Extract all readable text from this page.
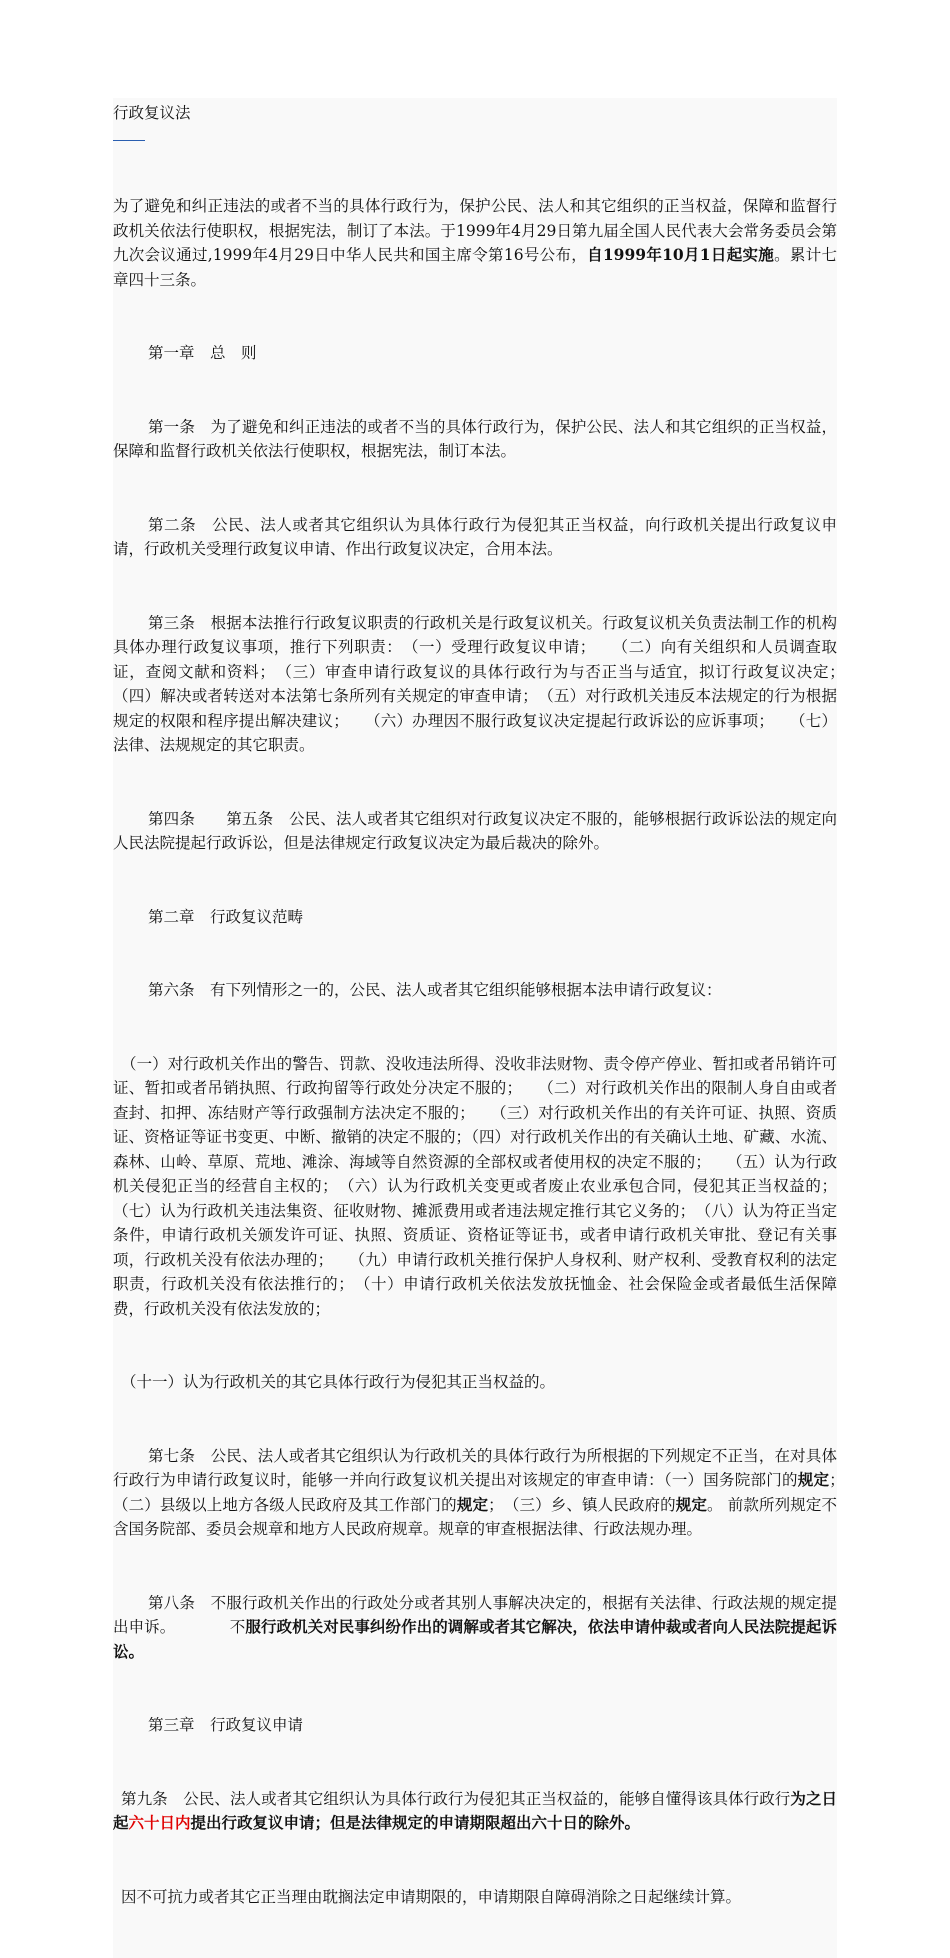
行政复议法

为了避免和纠正违法的或者不当的具体行政行为，保护公民、法人和其它组织的正当权益，保障和监督行政机关依法行使职权，根据宪法，制订了本法。于1999年4月29日第九届全国人民代表大会常务委员会第九次会议通过,1999年4月29日中华人民共和国主席令第16号公布，自1999年10月1日起实施。累计七章四十三条。

第一章　总　则

第一条　为了避免和纠正违法的或者不当的具体行政行为，保护公民、法人和其它组织的正当权益，保障和监督行政机关依法行使职权，根据宪法，制订本法。

第二条　公民、法人或者其它组织认为具体行政行为侵犯其正当权益，向行政机关提出行政复议申请，行政机关受理行政复议申请、作出行政复议决定，合用本法。

第三条　根据本法推行行政复议职责的行政机关是行政复议机关。行政复议机关负责法制工作的机构具体办理行政复议事项，推行下列职责：　（一）受理行政复议申请；　　（二）向有关组织和人员调查取证，查阅文献和资料；　（三）审查申请行政复议的具体行政行为与否正当与适宜，拟订行政复议决定；　　（四）解决或者转送对本法第七条所列有关规定的审查申请；　（五）对行政机关违反本法规定的行为根据规定的权限和程序提出解决建议；　　（六）办理因不服行政复议决定提起行政诉讼的应诉事项；　　（七）法律、法规规定的其它职责。

第四条　　第五条　公民、法人或者其它组织对行政复议决定不服的，能够根据行政诉讼法的规定向人民法院提起行政诉讼，但是法律规定行政复议决定为最后裁决的除外。

第二章　行政复议范畴

第六条　有下列情形之一的，公民、法人或者其它组织能够根据本法申请行政复议：

（一）对行政机关作出的警告、罚款、没收违法所得、没收非法财物、责令停产停业、暂扣或者吊销许可证、暂扣或者吊销执照、行政拘留等行政处分决定不服的；　　（二）对行政机关作出的限制人身自由或者查封、扣押、冻结财产等行政强制方法决定不服的；　　（三）对行政机关作出的有关许可证、执照、资质证、资格证等证书变更、中断、撤销的决定不服的；（四）对行政机关作出的有关确认土地、矿藏、水流、森林、山岭、草原、荒地、滩涂、海域等自然资源的全部权或者使用权的决定不服的；　　（五）认为行政机关侵犯正当的经营自主权的；　（六）认为行政机关变更或者废止农业承包合同，侵犯其正当权益的；（七）认为行政机关违法集资、征收财物、摊派费用或者违法规定推行其它义务的；　（八）认为符正当定条件，申请行政机关颁发许可证、执照、资质证、资格证等证书，或者申请行政机关审批、登记有关事项，行政机关没有依法办理的；　　（九）申请行政机关推行保护人身权利、财产权利、受教育权利的法定职责，行政机关没有依法推行的；　（十）申请行政机关依法发放抚恤金、社会保险金或者最低生活保障费，行政机关没有依法发放的；

（十一）认为行政机关的其它具体行政行为侵犯其正当权益的。

第七条　公民、法人或者其它组织认为行政机关的具体行政行为所根据的下列规定不正当，在对具体行政行为申请行政复议时，能够一并向行政复议机关提出对该规定的审查申请：（一）国务院部门的规定；　（二）县级以上地方各级人民政府及其工作部门的规定；　（三）乡、镇人民政府的规定。 前款所列规定不含国务院部、委员会规章和地方人民政府规章。规章的审查根据法律、行政法规办理。

第八条　不服行政机关作出的行政处分或者其别人事解决决定的，根据有关法律、行政法规的规定提出申诉。　　　　不服行政机关对民事纠纷作出的调解或者其它解决，依法申请仲裁或者向人民法院提起诉讼。

第三章　行政复议申请

第九条　公民、法人或者其它组织认为具体行政行为侵犯其正当权益的，能够自懂得该具体行政行为之日起六十日内提出行政复议申请；但是法律规定的申请期限超出六十日的除外。

因不可抗力或者其它正当理由耽搁法定申请期限的，申请期限自障碍消除之日起继续计算。
